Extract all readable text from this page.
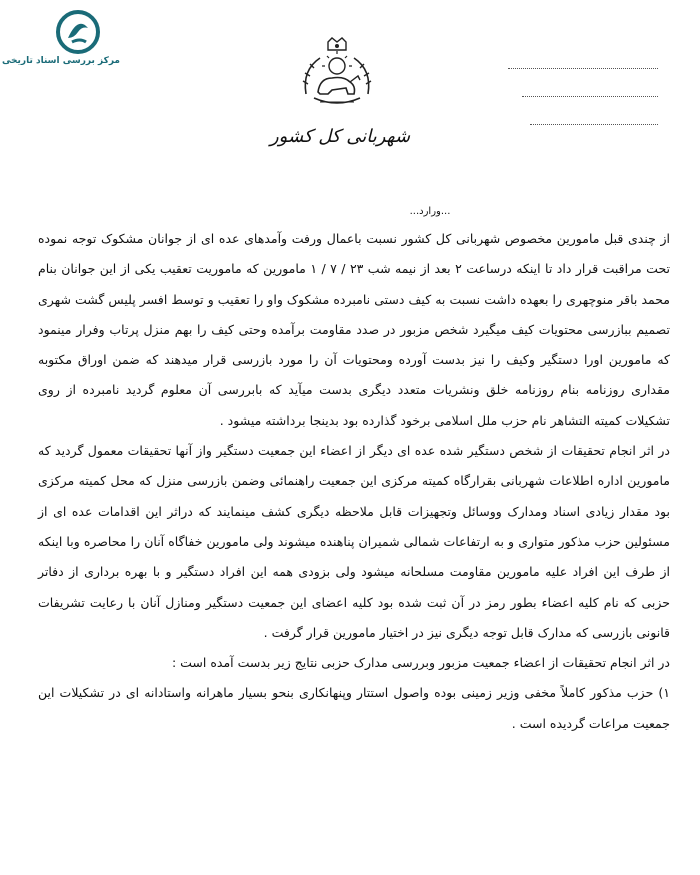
مرکز بررسی اسناد تاریخی
شهربانی کل کشور
...ورارد...

از چندی قبل مامورین مخصوص شهربانی کل کشور نسبت باعمال ورفت وآمدهای عده ای از جوانان مشکوک توجه نموده تحت مراقبت قرار داد تا اینکه درساعت ۲ بعد از نیمه شب ۲۳ / ۷ / ۱ مامورین که ماموریت تعقیب یکی از این جوانان بنام محمد باقر منوچهری را بعهده داشت نسبت به کیف دستی نامبرده مشکوک واو را تعقیب و توسط افسر پلیس گشت شهری تصمیم ببازرسی محتویات کیف میگیرد شخص مزبور در صدد مقاومت برآمده وحتی کیف را بهم منزل پرتاب وفرار مینمود که مامورین اورا دستگیر وکیف را نیز بدست آورده ومحتویات آن را مورد بازرسی قرار میدهند که ضمن اوراق مکتوبه مقداری روزنامه بنام روزنامه خلق ونشریات متعدد دیگری بدست میآید که بابررسی آن معلوم گردید نامبرده از روی تشکیلات کمیته التشاهر نام حزب ملل اسلامی برخود گذارده بود بدینجا برداشته میشود .

در اثر انجام تحقیقات از شخص دستگیر شده عده ای دیگر از اعضاء این جمعیت دستگیر واز آنها تحقیقات معمول گردید که مامورین اداره اطلاعات شهربانی بقرارگاه کمیته مرکزی این جمعیت راهنمائی وضمن بازرسی منزل که محل کمیته مرکزی بود مقدار زیادی اسناد ومدارک ووسائل وتجهیزات قابل ملاحظه دیگری کشف مینمایند که دراثر این اقدامات عده ای از مسئولین حزب مذکور متواری و به ارتفاعات شمالی شمیران پناهنده میشوند ولی مامورین خفاگاه آنان را محاصره وبا اینکه از طرف این افراد علیه مامورین مقاومت مسلحانه میشود ولی بزودی همه این افراد دستگیر و با بهره برداری از دفاتر حزبی که نام کلیه اعضاء بطور رمز در آن ثبت شده بود کلیه اعضای این جمعیت دستگیر ومنازل آنان با رعایت تشریفات قانونی بازرسی که مدارک قابل توجه دیگری نیز در اختیار مامورین قرار گرفت .

در اثر انجام تحقیقات از اعضاء جمعیت مزبور وبررسی مدارک حزبی نتایج زیر بدست آمده است :

۱) حزب مذکور کاملاً مخفی وزیر زمینی بوده واصول استتار وپنهانکاری بنحو بسیار ماهرانه واستادانه ای در تشکیلات این جمعیت مراعات گردیده است .
